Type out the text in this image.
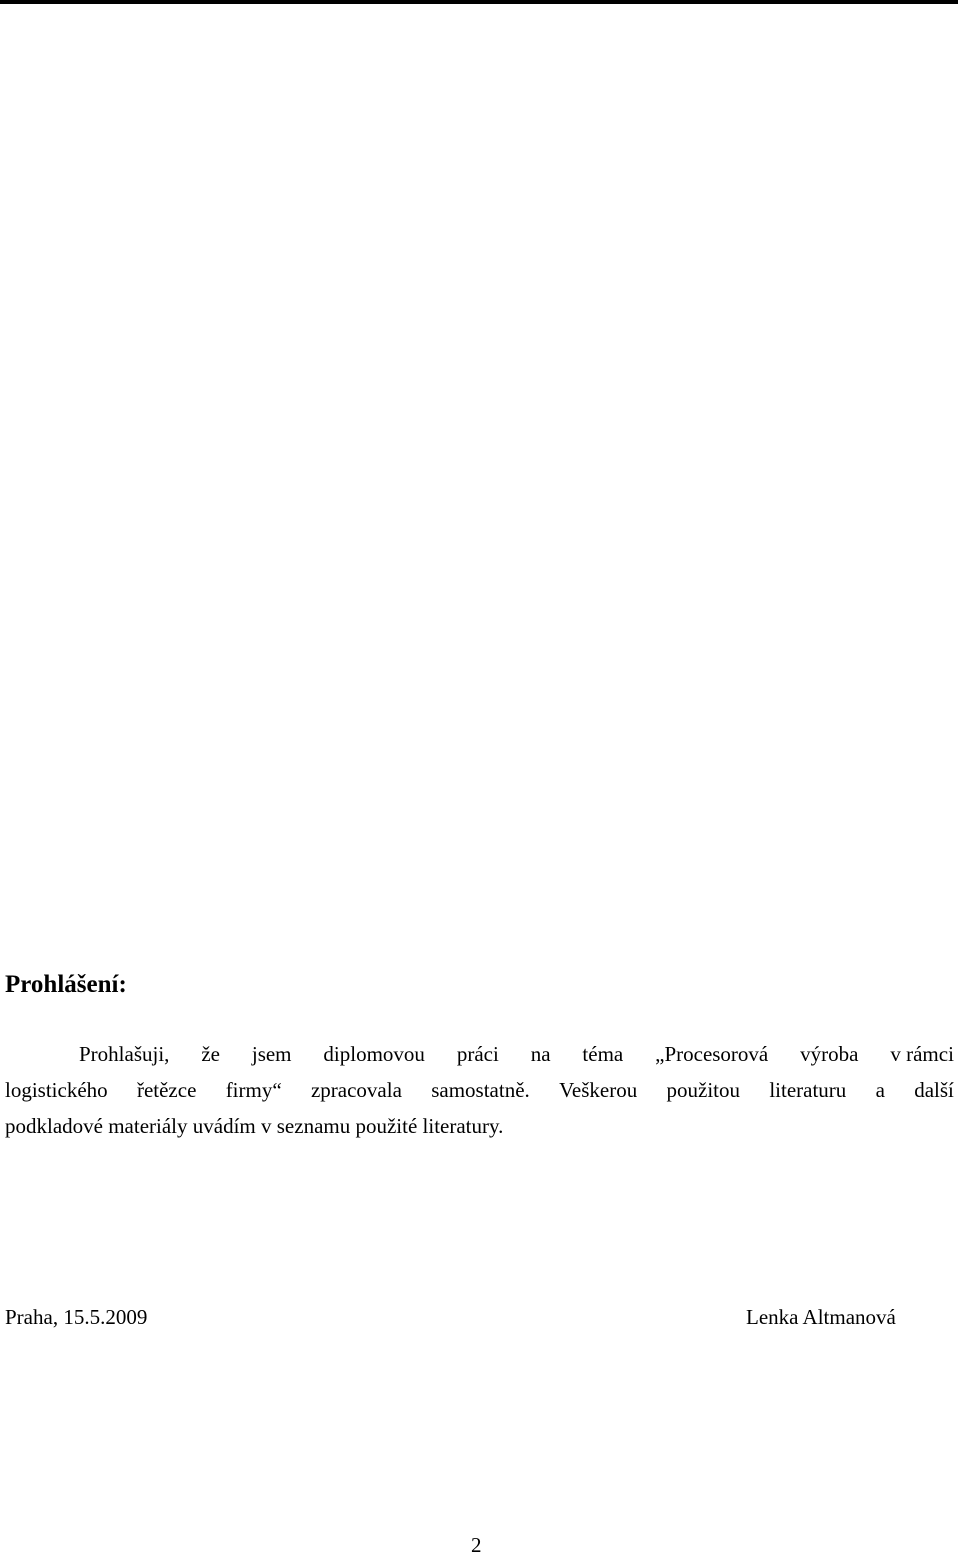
Prohlášení:
Prohlašuji, že jsem diplomovou práci na téma „Procesorová výroba v rámci
logistického řetězce firmy“ zpracovala samostatně. Veškerou použitou literaturu a další
podkladové materiály uvádím v seznamu použité literatury.
Praha, 15.5.2009	Lenka Altmanová
2
